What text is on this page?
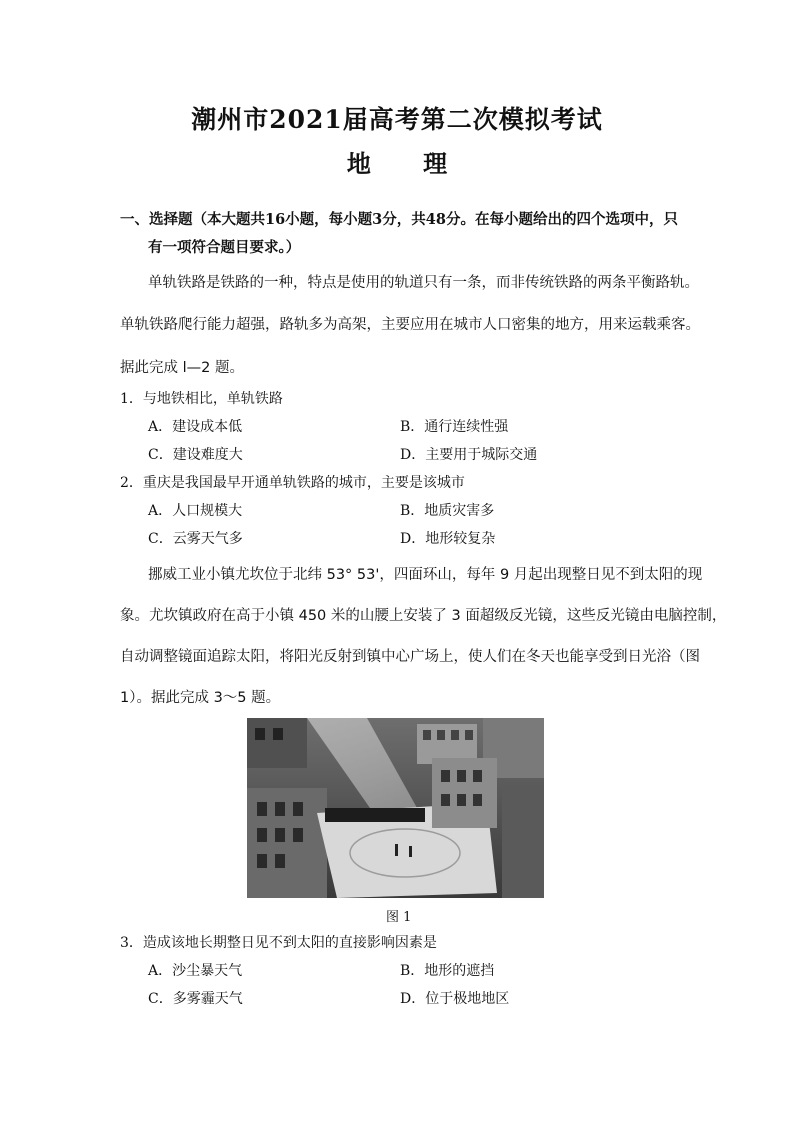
潮州市2021届高考第二次模拟考试
地 理
一、选择题（本大题共16小题，每小题3分，共48分。在每小题给出的四个选项中，只
有一项符合题目要求。）
单轨铁路是铁路的一种，特点是使用的轨道只有一条，而非传统铁路的两条平衡路轨。
单轨铁路爬行能力超强，路轨多为高架，主要应用在城市人口密集的地方，用来运载乘客。
据此完成 l—2 题。
1．与地铁相比，单轨铁路
A．建设成本低	B．通行连续性强
C．建设难度大	D．主要用于城际交通
2．重庆是我国最早开通单轨铁路的城市，主要是该城市
A．人口规模大	B．地质灾害多
C．云雾天气多	D．地形较复杂
挪威工业小镇尤坎位于北纬 53° 53'，四面环山，每年 9 月起出现整日见不到太阳的现
象。尤坎镇政府在高于小镇 450 米的山腰上安装了 3 面超级反光镜，这些反光镜由电脑控制，
自动调整镜面追踪太阳，将阳光反射到镇中心广场上，使人们在冬天也能享受到日光浴（图
1）。据此完成 3～5 题。
图 1
3．造成该地长期整日见不到太阳的直接影响因素是
A．沙尘暴天气	B．地形的遮挡
C．多雾霾天气	D．位于极地地区
